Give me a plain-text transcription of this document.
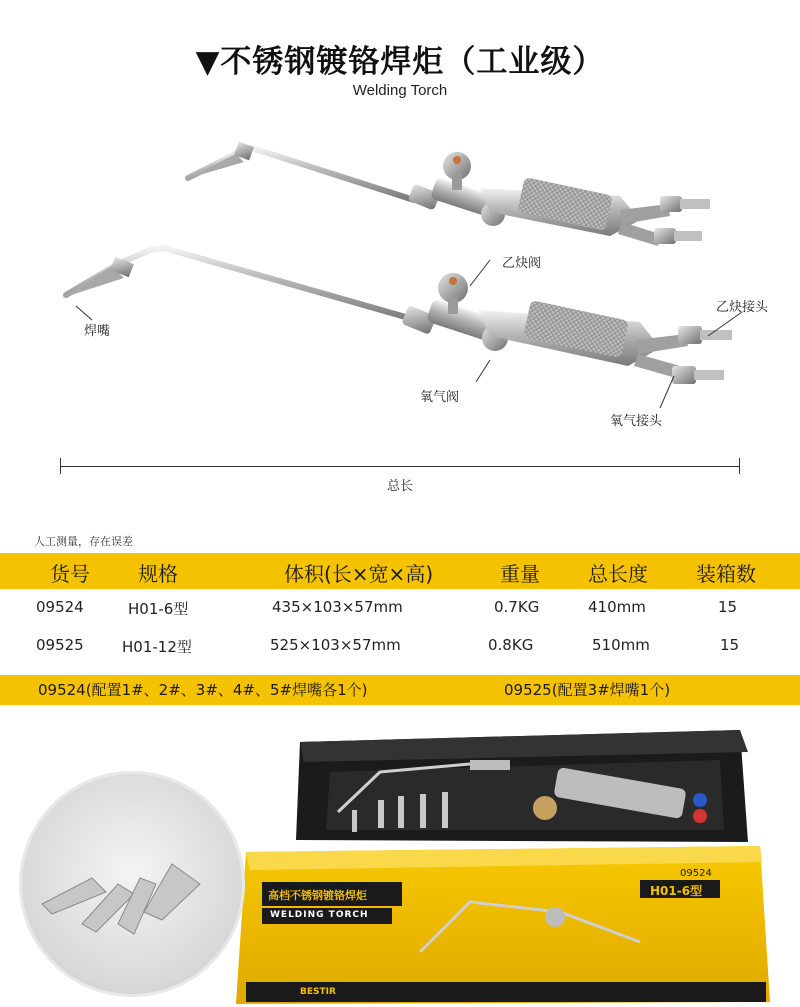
▼不锈钢镀铬焊炬（工业级）
Welding Torch
乙炔阀
焊嘴
氧气阀
乙炔接头
氧气接头
总长
人工测量，存在误差
货号 规格	体积(长×宽×高)	重量 总长度 装箱数
09524	H01-6型	435×103×57mm	0.7KG	410mm	15
09525	H01-12型	525×103×57mm	0.8KG	510mm	15
09524(配置1#、2#、3#、4#、5#焊嘴各1个)	09525(配置3#焊嘴1个)
09524
H01-6型
高档不锈钢镀铬焊炬
WELDING TORCH
BESTIR
